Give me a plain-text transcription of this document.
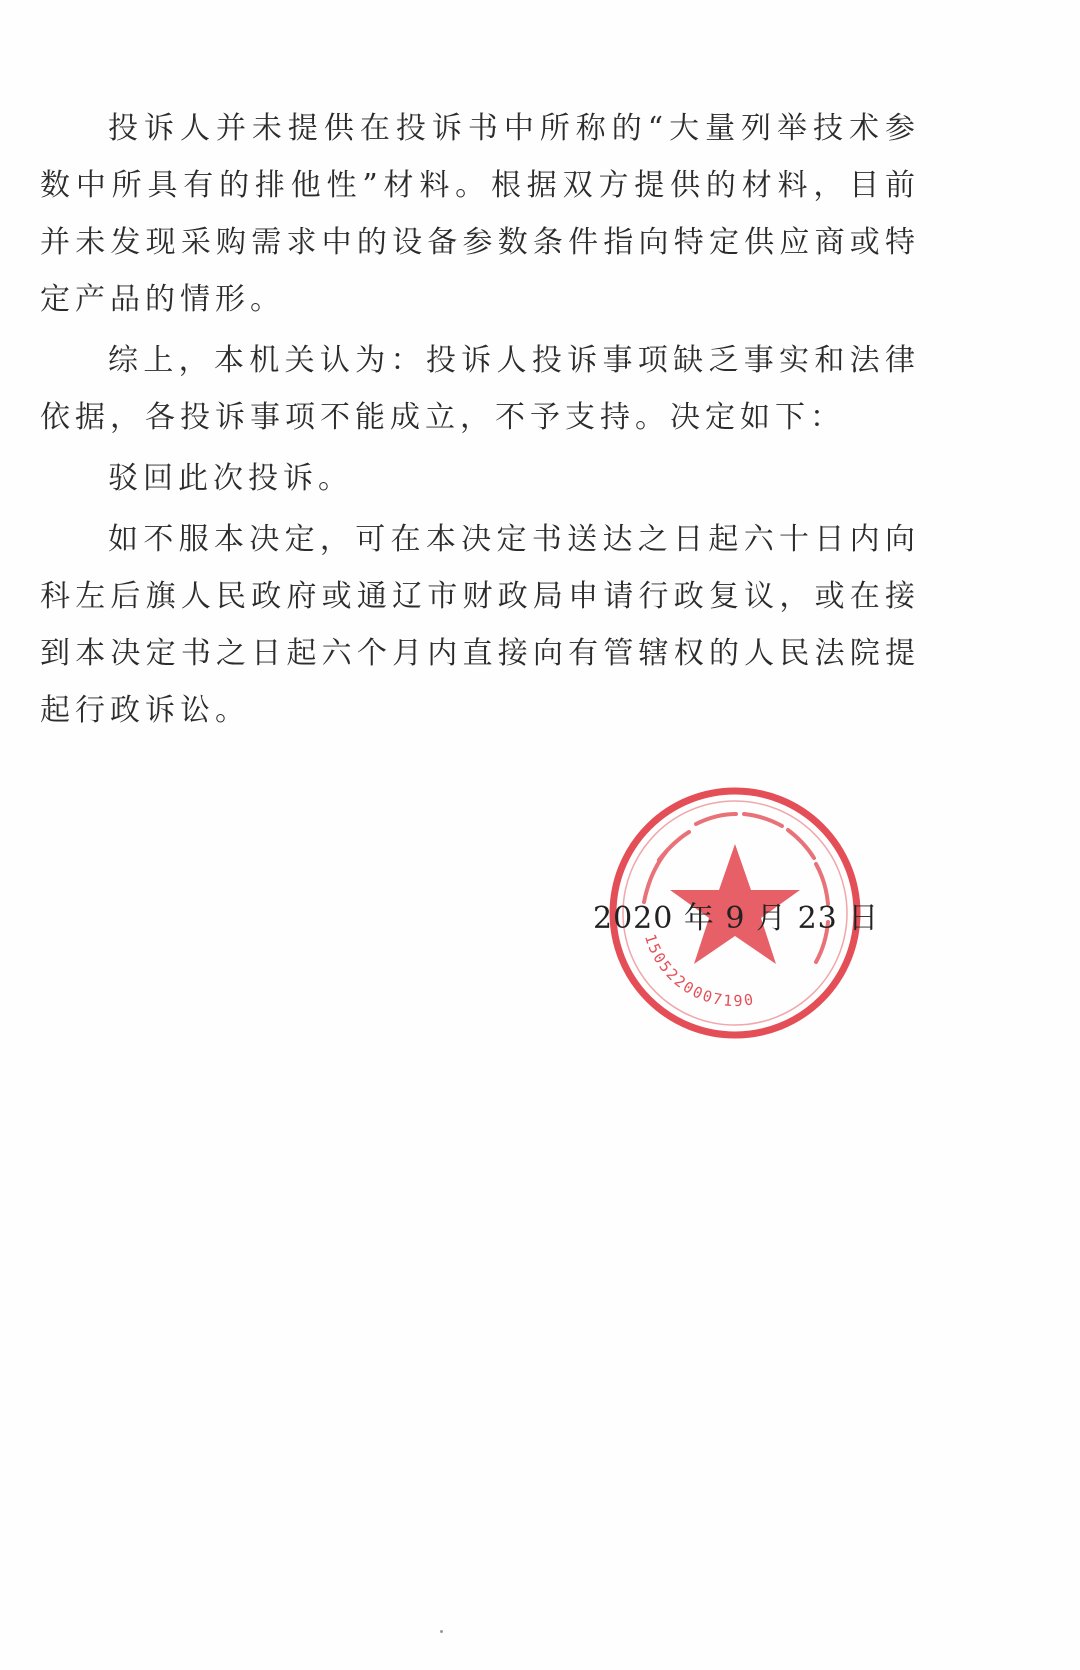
投诉人并未提供在投诉书中所称的“大量列举技术参数中所具有的排他性”材料。根据双方提供的材料，目前并未发现采购需求中的设备参数条件指向特定供应商或特定产品的情形。

综上，本机关认为：投诉人投诉事项缺乏事实和法律依据，各投诉事项不能成立，不予支持。决定如下：

驳回此次投诉。

如不服本决定，可在本决定书送达之日起六十日内向科左后旗人民政府或通辽市财政局申请行政复议，或在接到本决定书之日起六个月内直接向有管辖权的人民法院提起行政诉讼。

1505220007190
2020 年 9 月 23 日
